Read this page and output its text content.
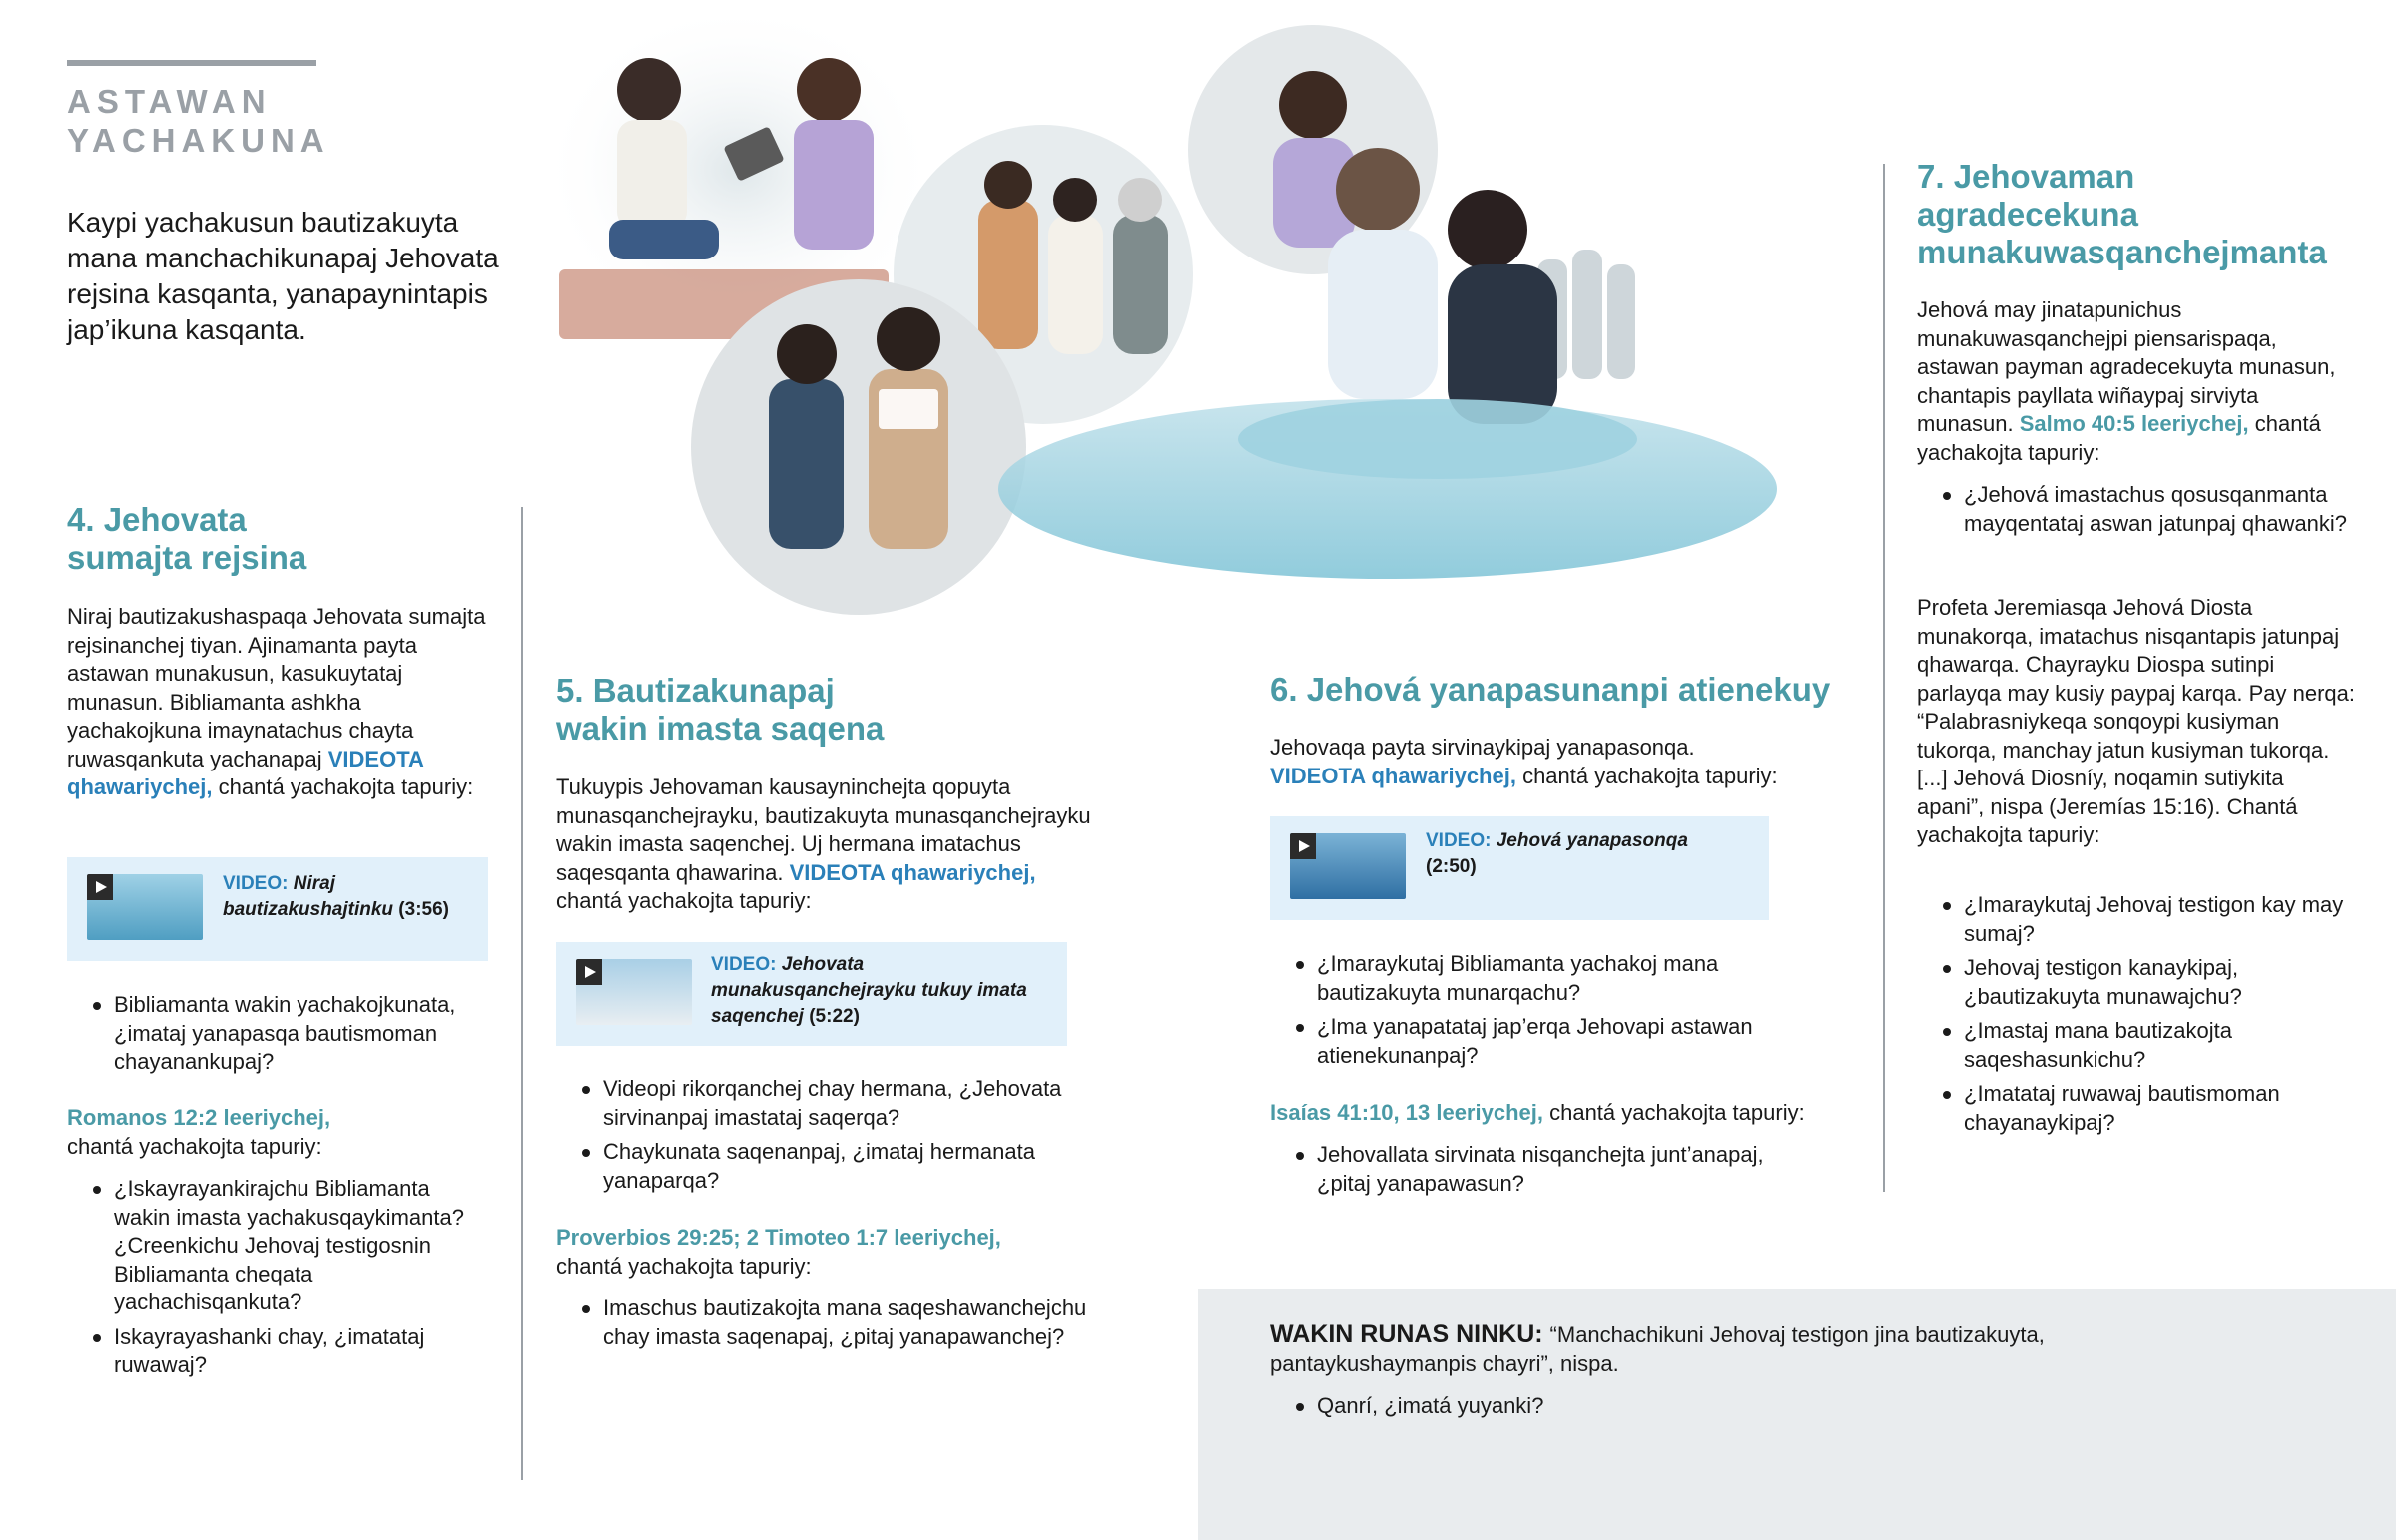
ASTAWAN
YACHAKUNA

Kaypi yachakusun bautizakuyta mana manchachikunapaj Jehovata rejsina kasqanta, yanapaynintapis jap’ikuna kasqanta.

4. Jehovata
sumajta rejsina

Niraj bautizakushaspaqa Jehovata sumajta rejsinanchej tiyan. Ajinamanta payta astawan munakusun, kasukuytataj munasun. Bibliamanta ashkha yachakojkuna imaynatachus chayta ruwasqankuta yachanapaj VIDEOTA qhawariychej, chantá yachakojta tapuriy:

VIDEO: Niraj bautizakushajtinku (3:56)
Bibliamanta wakin yachakojkunata, ¿imataj yanapasqa bautismoman chayanankupaj?

Romanos 12:2 leeriychej,
chantá yachakojta tapuriy:

¿Iskayrayankirajchu Bibliamanta wakin imasta yachakusqaykimanta? ¿Creenkichu Jehovaj testigosnin Bibliamanta cheqata yachachisqankuta?
Iskayrayashanki chay, ¿imatataj ruwawaj?
5. Bautizakunapaj
wakin imasta saqena

Tukuypis Jehovaman kausayninchejta qopuyta munasqanchejrayku, bautizakuyta munasqanchejrayku wakin imasta saqenchej. Uj hermana imatachus saqesqanta qhawarina. VIDEOTA qhawariychej,
chantá yachakojta tapuriy:

VIDEO: Jehovata munakusqanchejrayku tukuy imata saqenchej (5:22)
Videopi rikorqanchej chay hermana, ¿Jehovata sirvinanpaj imastataj saqerqa?
Chaykunata saqenanpaj, ¿imataj hermanata yanaparqa?

Proverbios 29:25; 2 Timoteo 1:7 leeriychej,
chantá yachakojta tapuriy:

Imaschus bautizakojta mana saqeshawanchejchu chay imasta saqenapaj, ¿pitaj yanapawanchej?
6. Jehová yanapasunanpi atienekuy

Jehovaqa payta sirvinaykipaj yanapasonqa.
VIDEOTA qhawariychej, chantá yachakojta tapuriy:

VIDEO: Jehová yanapasonqa
(2:50)
¿Imaraykutaj Bibliamanta yachakoj mana bautizakuyta munarqachu?
¿Ima yanapatataj jap’erqa Jehovapi astawan atienekunanpaj?

Isaías 41:10, 13 leeriychej, chantá yachakojta tapuriy:

Jehovallata sirvinata nisqanchejta junt’anapaj, ¿pitaj yanapawasun?
7. Jehovaman
agradecekuna
munakuwasqanchejmanta

Jehová may jinatapunichus munakuwasqanchejpi piensarispaqa, astawan payman agradecekuyta munasun, chantapis payllata wiñaypaj sirviyta munasun. Salmo 40:5 leeriychej, chantá yachakojta tapuriy:

¿Jehová imastachus qosusqanmanta mayqentataj aswan jatunpaj qhawanki?

Profeta Jeremiasqa Jehová Diosta munakorqa, imatachus nisqantapis jatunpaj qhawarqa. Chayrayku Diospa sutinpi parlayqa may kusiy paypaj karqa. Pay nerqa: “Palabrasniykeqa sonqoypi kusiyman tukorqa, manchay jatun kusiyman tukorqa. [...] Jehová Diosníy, noqamin sutiykita apani”, nispa (Jeremías 15:16). Chantá yachakojta tapuriy:

¿Imaraykutaj Jehovaj testigon kay may sumaj?
Jehovaj testigon kanaykipaj, ¿bautizakuyta munawajchu?
¿Imastaj mana bautizakojta saqeshasunkichu?
¿Imatataj ruwawaj bautismoman chayanaykipaj?

WAKIN RUNAS NINKU: “Manchachikuni Jehovaj testigon jina bautizakuyta, pantaykushaymanpis chayri”, nispa.

Qanrí, ¿imatá yuyanki?
